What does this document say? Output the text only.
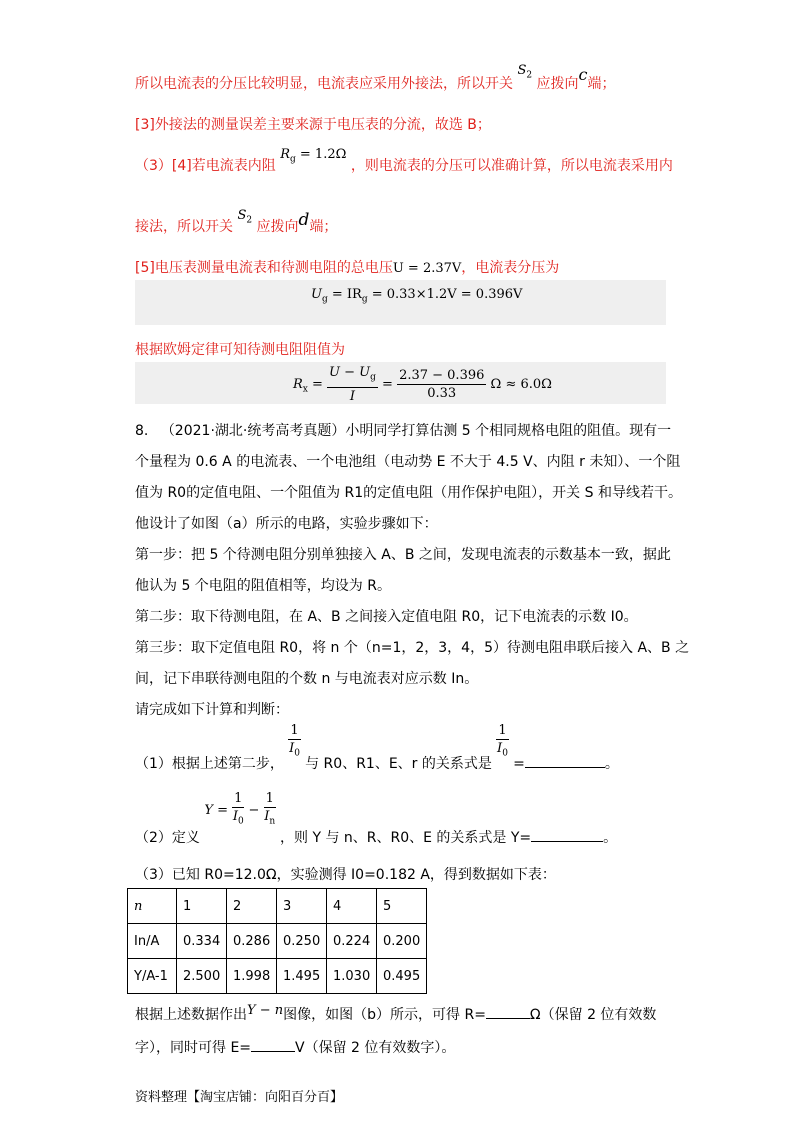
所以电流表的分压比较明显，电流表应采用外接法，所以开关 $S_2$ 应拨向c端；
[3]外接法的测量误差主要来源于电压表的分流，故选 B；
（3）[4]若电流表内阻 $R_g = 1.2\Omega$ ，则电流表的分压可以准确计算，所以电流表采用内
接法，所以开关 $S_2$ 应拨向d端；
[5]电压表测量电流表和待测电阻的总电压U = 2.37V，电流表分压为
$U_g = IR_g = 0.33\times 1.2V = 0.396V$
根据欧姆定律可知待测电阻阻值为
$R_x = \frac{U - U_g}{I} = \frac{2.37 - 0.396}{0.33}$ Ω ≈ 6.0Ω
8. （2021·湖北·统考高考真题）小明同学打算估测 5 个相同规格电阻的阻值。现有一
个量程为 0.6 A 的电流表、一个电池组（电动势 E 不大于 4.5 V、内阻 r 未知）、一个阻
值为 R0的定值电阻、一个阻值为 R1的定值电阻（用作保护电阻），开关 S 和导线若干。
他设计了如图（a）所示的电路，实验步骤如下：
第一步：把 5 个待测电阻分别单独接入 A、B 之间，发现电流表的示数基本一致，据此
他认为 5 个电阻的阻值相等，均设为 R。
第二步：取下待测电阻，在 A、B 之间接入定值电阻 R0，记下电流表的示数 I0。
第三步：取下定值电阻 R0，将 n 个（n=1，2，3，4，5）待测电阻串联后接入 A、B 之
间，记下串联待测电阻的个数 n 与电流表对应示数 In。
请完成如下计算和判断：
（1）根据上述第二步，
$\frac{1}{I_0}$
与 R0、R1、E、r 的关系式是
$\frac{1}{I_0}$
=	。
（2）定义 $Y = \frac{1}{I_0} - \frac{1}{I_n}$
，则 Y 与 n、R、R0、E 的关系式是 Y=	。
（3）已知 R0=12.0Ω，实验测得 I0=0.182 A，得到数据如下表：
n	1	2	3	4	5
In/A	0.334	0.286	0.250	0.224	0.200
Y/A-1	2.500	1.998	1.495	1.030	0.495
根据上述数据作出Y − n图像，如图（b）所示，可得 R=	Ω（保留 2 位有效数
字），同时可得 E=	V（保留 2 位有效数字）。
资料整理【淘宝店铺：向阳百分百】
